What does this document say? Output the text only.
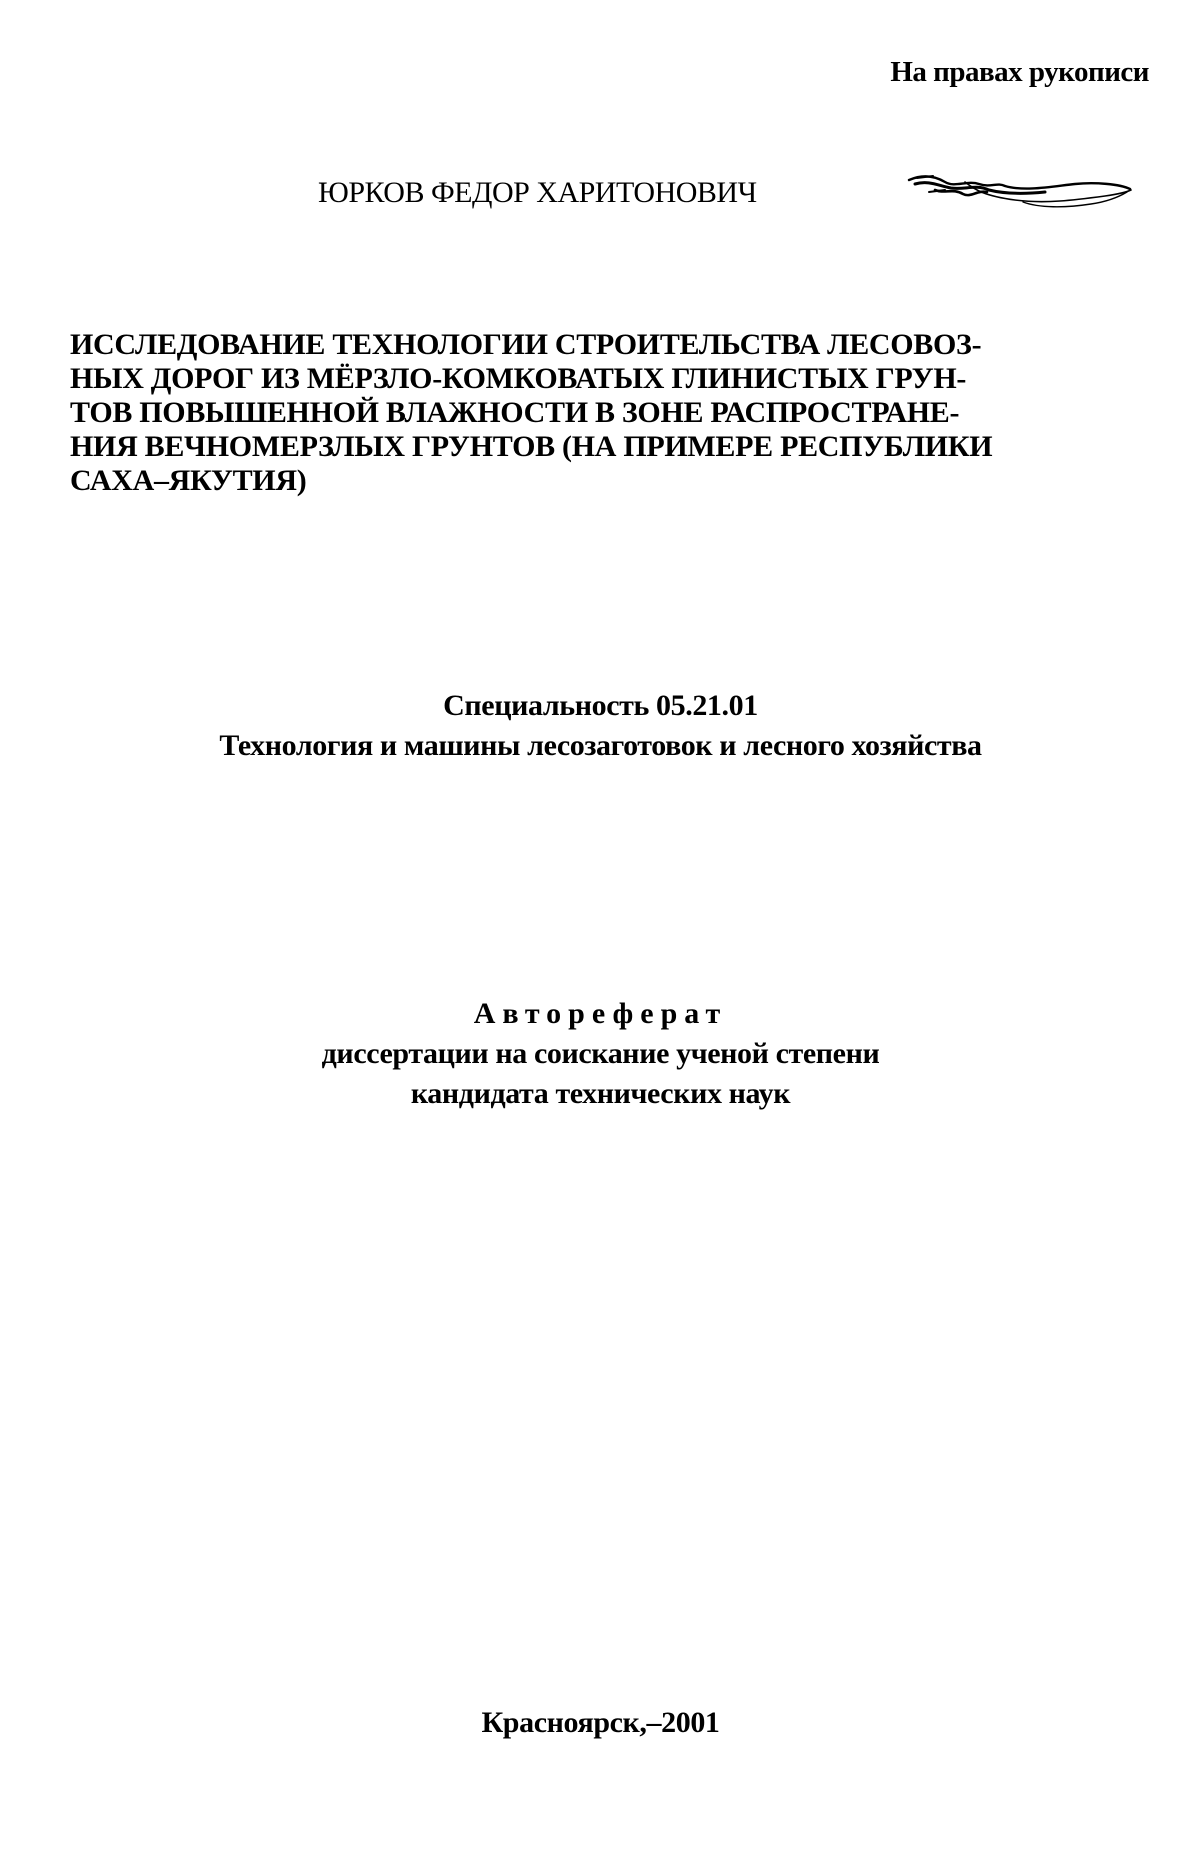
На правах рукописи
ЮРКОВ ФЕДОР ХАРИТОНОВИЧ

ИССЛЕДОВАНИЕ ТЕХНОЛОГИИ СТРОИТЕЛЬСТВА ЛЕСОВОЗ-
НЫХ ДОРОГ ИЗ МЁРЗЛО-КОМКОВАТЫХ ГЛИНИСТЫХ ГРУН-
ТОВ ПОВЫШЕННОЙ ВЛАЖНОСТИ В ЗОНЕ РАСПРОСТРАНЕ-
НИЯ ВЕЧНОМЕРЗЛЫХ ГРУНТОВ (НА ПРИМЕРЕ РЕСПУБЛИКИ
САХА–ЯКУТИЯ)

Специальность 05.21.01
Технология и машины лесозаготовок и лесного хозяйства
Автореферат
диссертации на соискание ученой степени
кандидата технических наук
Красноярск,–2001
